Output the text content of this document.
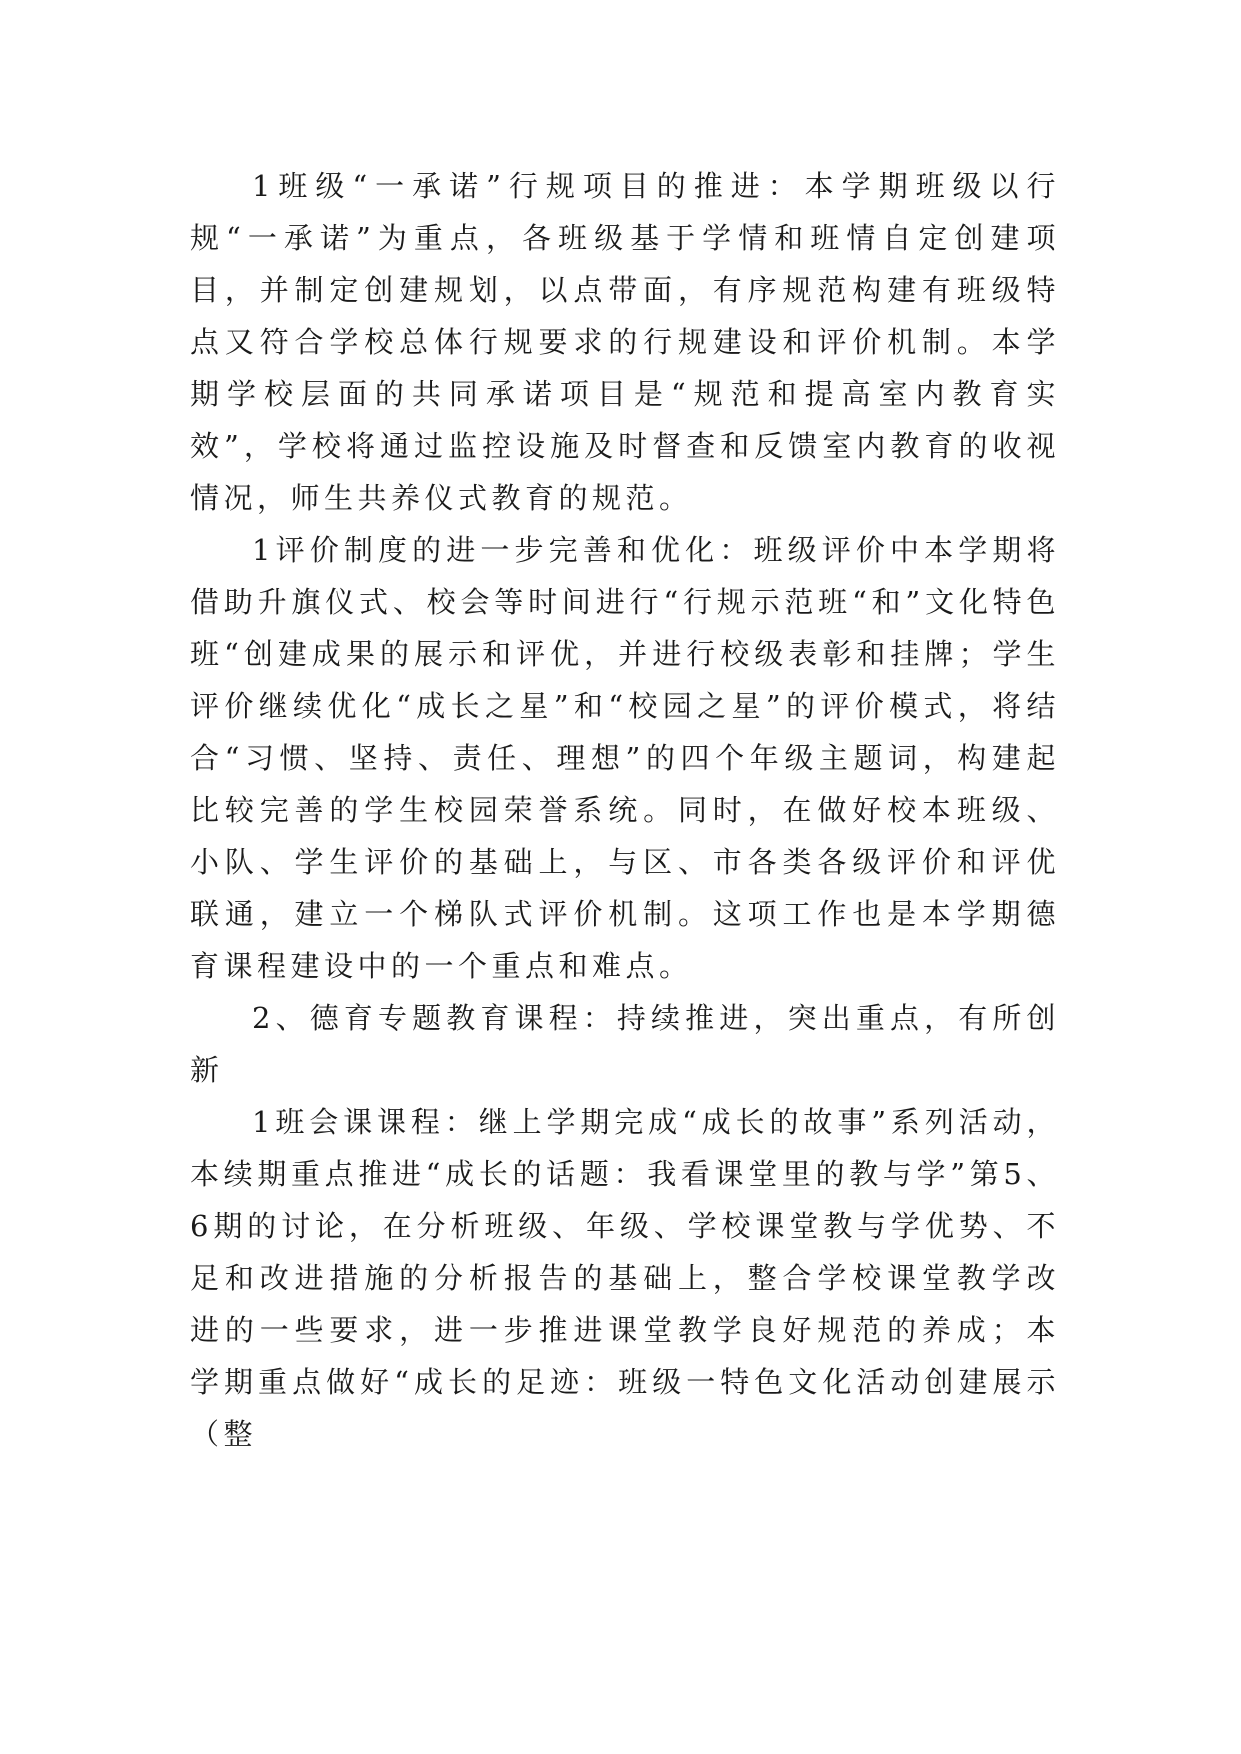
1班级“一承诺”行规项目的推进：本学期班级以行规“一承诺”为重点，各班级基于学情和班情自定创建项目，并制定创建规划，以点带面，有序规范构建有班级特点又符合学校总体行规要求的行规建设和评价机制。本学期学校层面的共同承诺项目是“规范和提高室内教育实效”，学校将通过监控设施及时督查和反馈室内教育的收视情况，师生共养仪式教育的规范。

1评价制度的进一步完善和优化：班级评价中本学期将借助升旗仪式、校会等时间进行“行规示范班“和”文化特色班“创建成果的展示和评优，并进行校级表彰和挂牌；学生评价继续优化“成长之星”和“校园之星”的评价模式，将结合“习惯、坚持、责任、理想”的四个年级主题词，构建起比较完善的学生校园荣誉系统。同时，在做好校本班级、小队、学生评价的基础上，与区、市各类各级评价和评优联通，建立一个梯队式评价机制。这项工作也是本学期德育课程建设中的一个重点和难点。

2、德育专题教育课程：持续推进，突出重点，有所创新

1班会课课程：继上学期完成“成长的故事”系列活动，本续期重点推进“成长的话题：我看课堂里的教与学”第5、6期的讨论，在分析班级、年级、学校课堂教与学优势、不足和改进措施的分析报告的基础上，整合学校课堂教学改进的一些要求，进一步推进课堂教学良好规范的养成；本学期重点做好“成长的足迹：班级一特色文化活动创建展示（整
